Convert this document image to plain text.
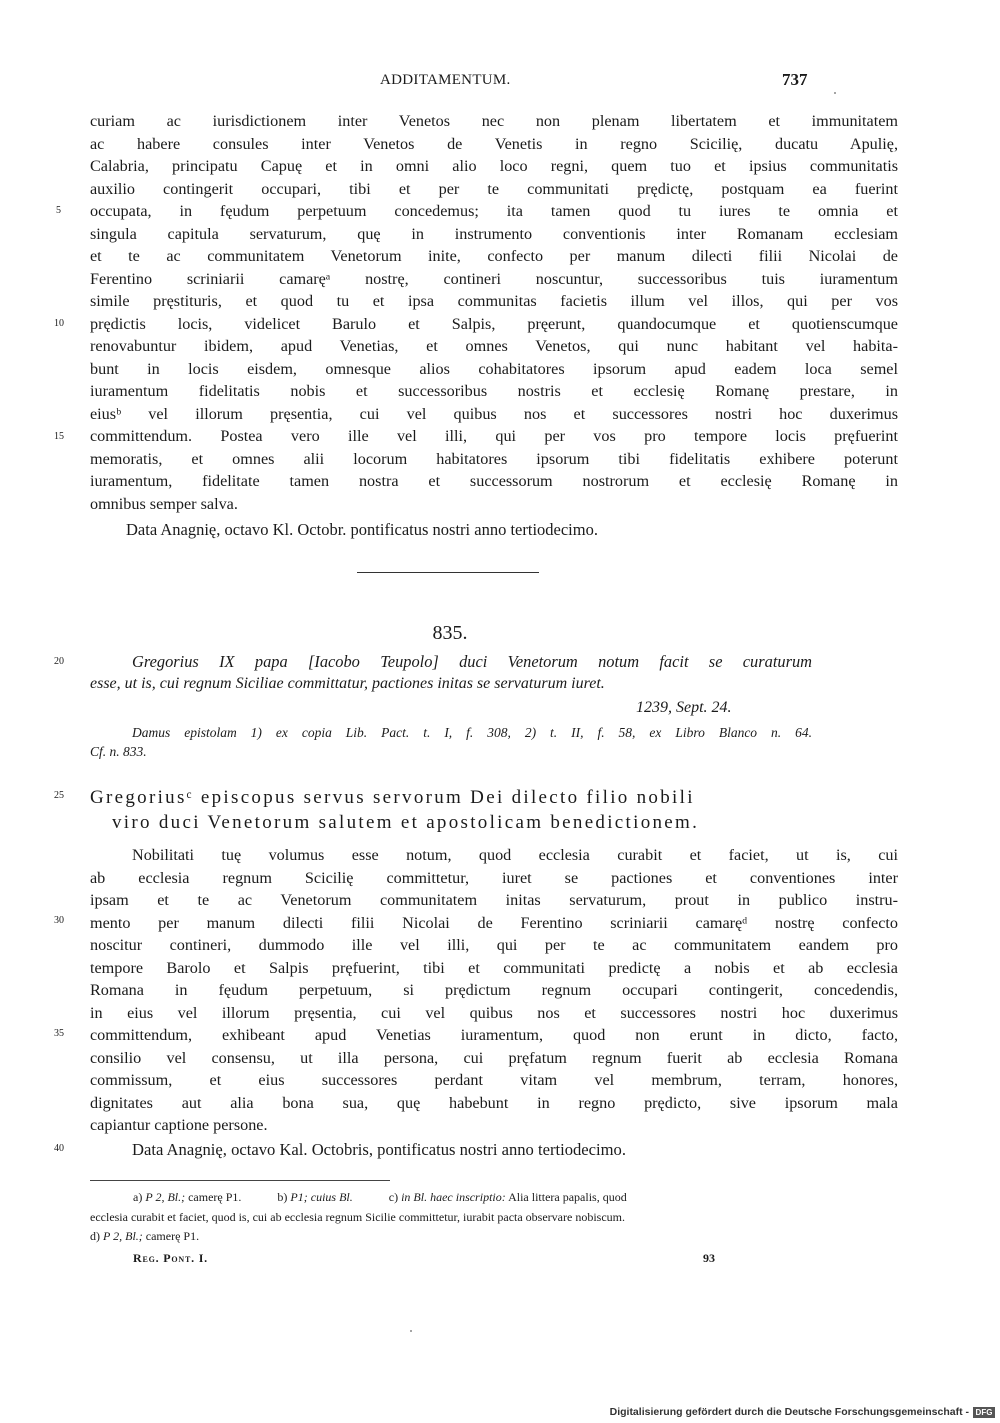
ADDITAMENTUM.	737
curiam ac iurisdictionem inter Venetos nec non plenam libertatem et immunitatem
ac habere consules inter Venetos de Venetis in regno Scicilię, ducatu Apulię,
Calabria, principatu Capuę et in omni alio loco regni, quem tuo et ipsius communitatis
auxilio contingerit occupari, tibi et per te communitati prędictę, postquam ea fuerint
occupata, in fęudum perpetuum concedemus; ita tamen quod tu iures te omnia et
singula capitula servaturum, quę in instrumento conventionis inter Romanam ecclesiam
et te ac communitatem Venetorum inite, confecto per manum dilecti filii Nicolai de
Ferentino scriniarii camaręᵃ nostrę, contineri noscuntur, successoribus tuis iuramentum
simile pręstituris, et quod tu et ipsa communitas facietis illum vel illos, qui per vos
prędictis locis, videlicet Barulo et Salpis, pręerunt, quandocumque et quotienscumque
renovabuntur ibidem, apud Venetias, et omnes Venetos, qui nunc habitant vel habita-
bunt in locis eisdem, omnesque alios cohabitatores ipsorum apud eadem loca semel
iuramentum fidelitatis nobis et successoribus nostris et ecclesię Romanę prestare, in
eiusᵇ vel illorum pręsentia, cui vel quibus nos et successores nostri hoc duxerimus
committendum. Postea vero ille vel illi, qui per vos pro tempore locis pręfuerint
memoratis, et omnes alii locorum habitatores ipsorum tibi fidelitatis exhibere poterunt
iuramentum, fidelitate tamen nostra et successorum nostrorum et ecclesię Romanę in
omnibus semper salva.
Data Anagnię, octavo Kl. Octobr. pontificatus nostri anno tertiodecimo.
5
10
15
20
25
30
35
40
835.
Gregorius IX papa [Iacobo Teupolo] duci Venetorum notum facit se curaturum
esse, ut is, cui regnum Siciliae committatur, pactiones initas se servaturum iuret.
1239, Sept. 24.
Damus epistolam 1) ex copia Lib. Pact. t. I, f. 308, 2) t. II, f. 58, ex Libro Blanco n. 64.
Cf. n. 833.
Gregoriusᶜ episcopus servus servorum Dei dilecto filio nobili
viro duci Venetorum salutem et apostolicam benedictionem.
Nobilitati tuę volumus esse notum, quod ecclesia curabit et faciet, ut is, cui
ab ecclesia regnum Scicilię committetur, iuret se pactiones et conventiones inter
ipsam et te ac Venetorum communitatem initas servaturum, prout in publico instru-
mento per manum dilecti filii Nicolai de Ferentino scriniarii camaręᵈ nostrę confecto
noscitur contineri, dummodo ille vel illi, qui per te ac communitatem eandem pro
tempore Barolo et Salpis pręfuerint, tibi et communitati predictę a nobis et ab ecclesia
Romana in fęudum perpetuum, si prędictum regnum occupari contingerit, concedendis,
in eius vel illorum pręsentia, cui vel quibus nos et successores nostri hoc duxerimus
committendum, exhibeant apud Venetias iuramentum, quod non erunt in dicto, facto,
consilio vel consensu, ut illa persona, cui pręfatum regnum fuerit ab ecclesia Romana
commissum, et eius successores perdant vitam vel membrum, terram, honores,
dignitates aut alia bona sua, quę habebunt in regno prędicto, sive ipsorum mala
capiantur captione persone.
Data Anagnię, octavo Kal. Octobris, pontificatus nostri anno tertiodecimo.
a) P 2, Bl.; camerę P1.	b) P1; cuius Bl.	c) in Bl. haec inscriptio: Alia littera papalis, quod
ecclesia curabit et faciet, quod is, cui ab ecclesia regnum Sicilie committetur, iurabit pacta observare nobiscum.
d) P 2, Bl.; camerę P1.
Reg. Pont. I.	93
Digitalisierung gefördert durch die Deutsche Forschungsgemeinschaft - DFG
